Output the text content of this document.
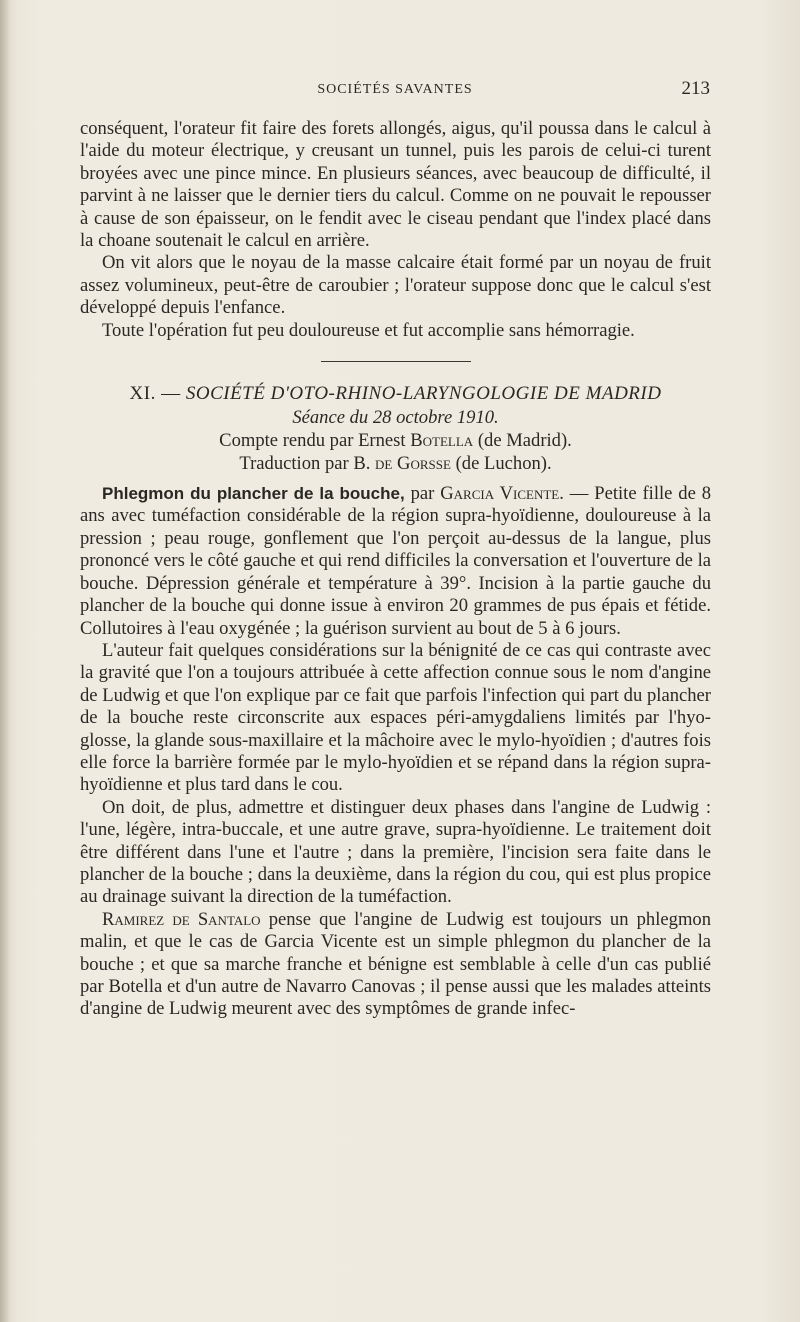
SOCIÉTÉS SAVANTES	213

conséquent, l'orateur fit faire des forets allongés, aigus, qu'il poussa dans le calcul à l'aide du moteur électrique, y creusant un tunnel, puis les parois de celui-ci turent broyées avec une pince mince. En plusieurs séances, avec beaucoup de difficulté, il parvint à ne laisser que le dernier tiers du calcul. Comme on ne pouvait le repousser à cause de son épaisseur, on le fendit avec le ciseau pendant que l'index placé dans la choane soutenait le calcul en arrière.

On vit alors que le noyau de la masse calcaire était formé par un noyau de fruit assez volumineux, peut-être de caroubier ; l'orateur suppose donc que le calcul s'est développé depuis l'enfance.

Toute l'opération fut peu douloureuse et fut accomplie sans hémorragie.

XI. — SOCIÉTÉ D'OTO-RHINO-LARYNGOLOGIE DE MADRID
Séance du 28 octobre 1910.
Compte rendu par Ernest Botella (de Madrid).
Traduction par B. de Gorsse (de Luchon).

Phlegmon du plancher de la bouche, par Garcia Vicente. — Petite fille de 8 ans avec tuméfaction considérable de la région supra-hyoïdienne, douloureuse à la pression ; peau rouge, gonflement que l'on perçoit au-dessus de la langue, plus prononcé vers le côté gauche et qui rend difficiles la conversation et l'ouverture de la bouche. Dépression générale et température à 39°. Incision à la partie gauche du plancher de la bouche qui donne issue à environ 20 grammes de pus épais et fétide. Collutoires à l'eau oxygénée ; la guérison survient au bout de 5 à 6 jours.

L'auteur fait quelques considérations sur la bénignité de ce cas qui contraste avec la gravité que l'on a toujours attribuée à cette affection connue sous le nom d'angine de Ludwig et que l'on explique par ce fait que parfois l'infection qui part du plancher de la bouche reste circonscrite aux espaces péri-amygdaliens limités par l'hyo-glosse, la glande sous-maxillaire et la mâchoire avec le mylo-hyoïdien ; d'autres fois elle force la barrière formée par le mylo-hyoïdien et se répand dans la région supra-hyoïdienne et plus tard dans le cou.

On doit, de plus, admettre et distinguer deux phases dans l'angine de Ludwig : l'une, légère, intra-buccale, et une autre grave, supra-hyoïdienne. Le traitement doit être différent dans l'une et l'autre ; dans la première, l'incision sera faite dans le plancher de la bouche ; dans la deuxième, dans la région du cou, qui est plus propice au drainage suivant la direction de la tuméfaction.

Ramirez de Santalo pense que l'angine de Ludwig est toujours un phlegmon malin, et que le cas de Garcia Vicente est un simple phlegmon du plancher de la bouche ; et que sa marche franche et bénigne est semblable à celle d'un cas publié par Botella et d'un autre de Navarro Canovas ; il pense aussi que les malades atteints d'angine de Ludwig meurent avec des symptômes de grande infec-
